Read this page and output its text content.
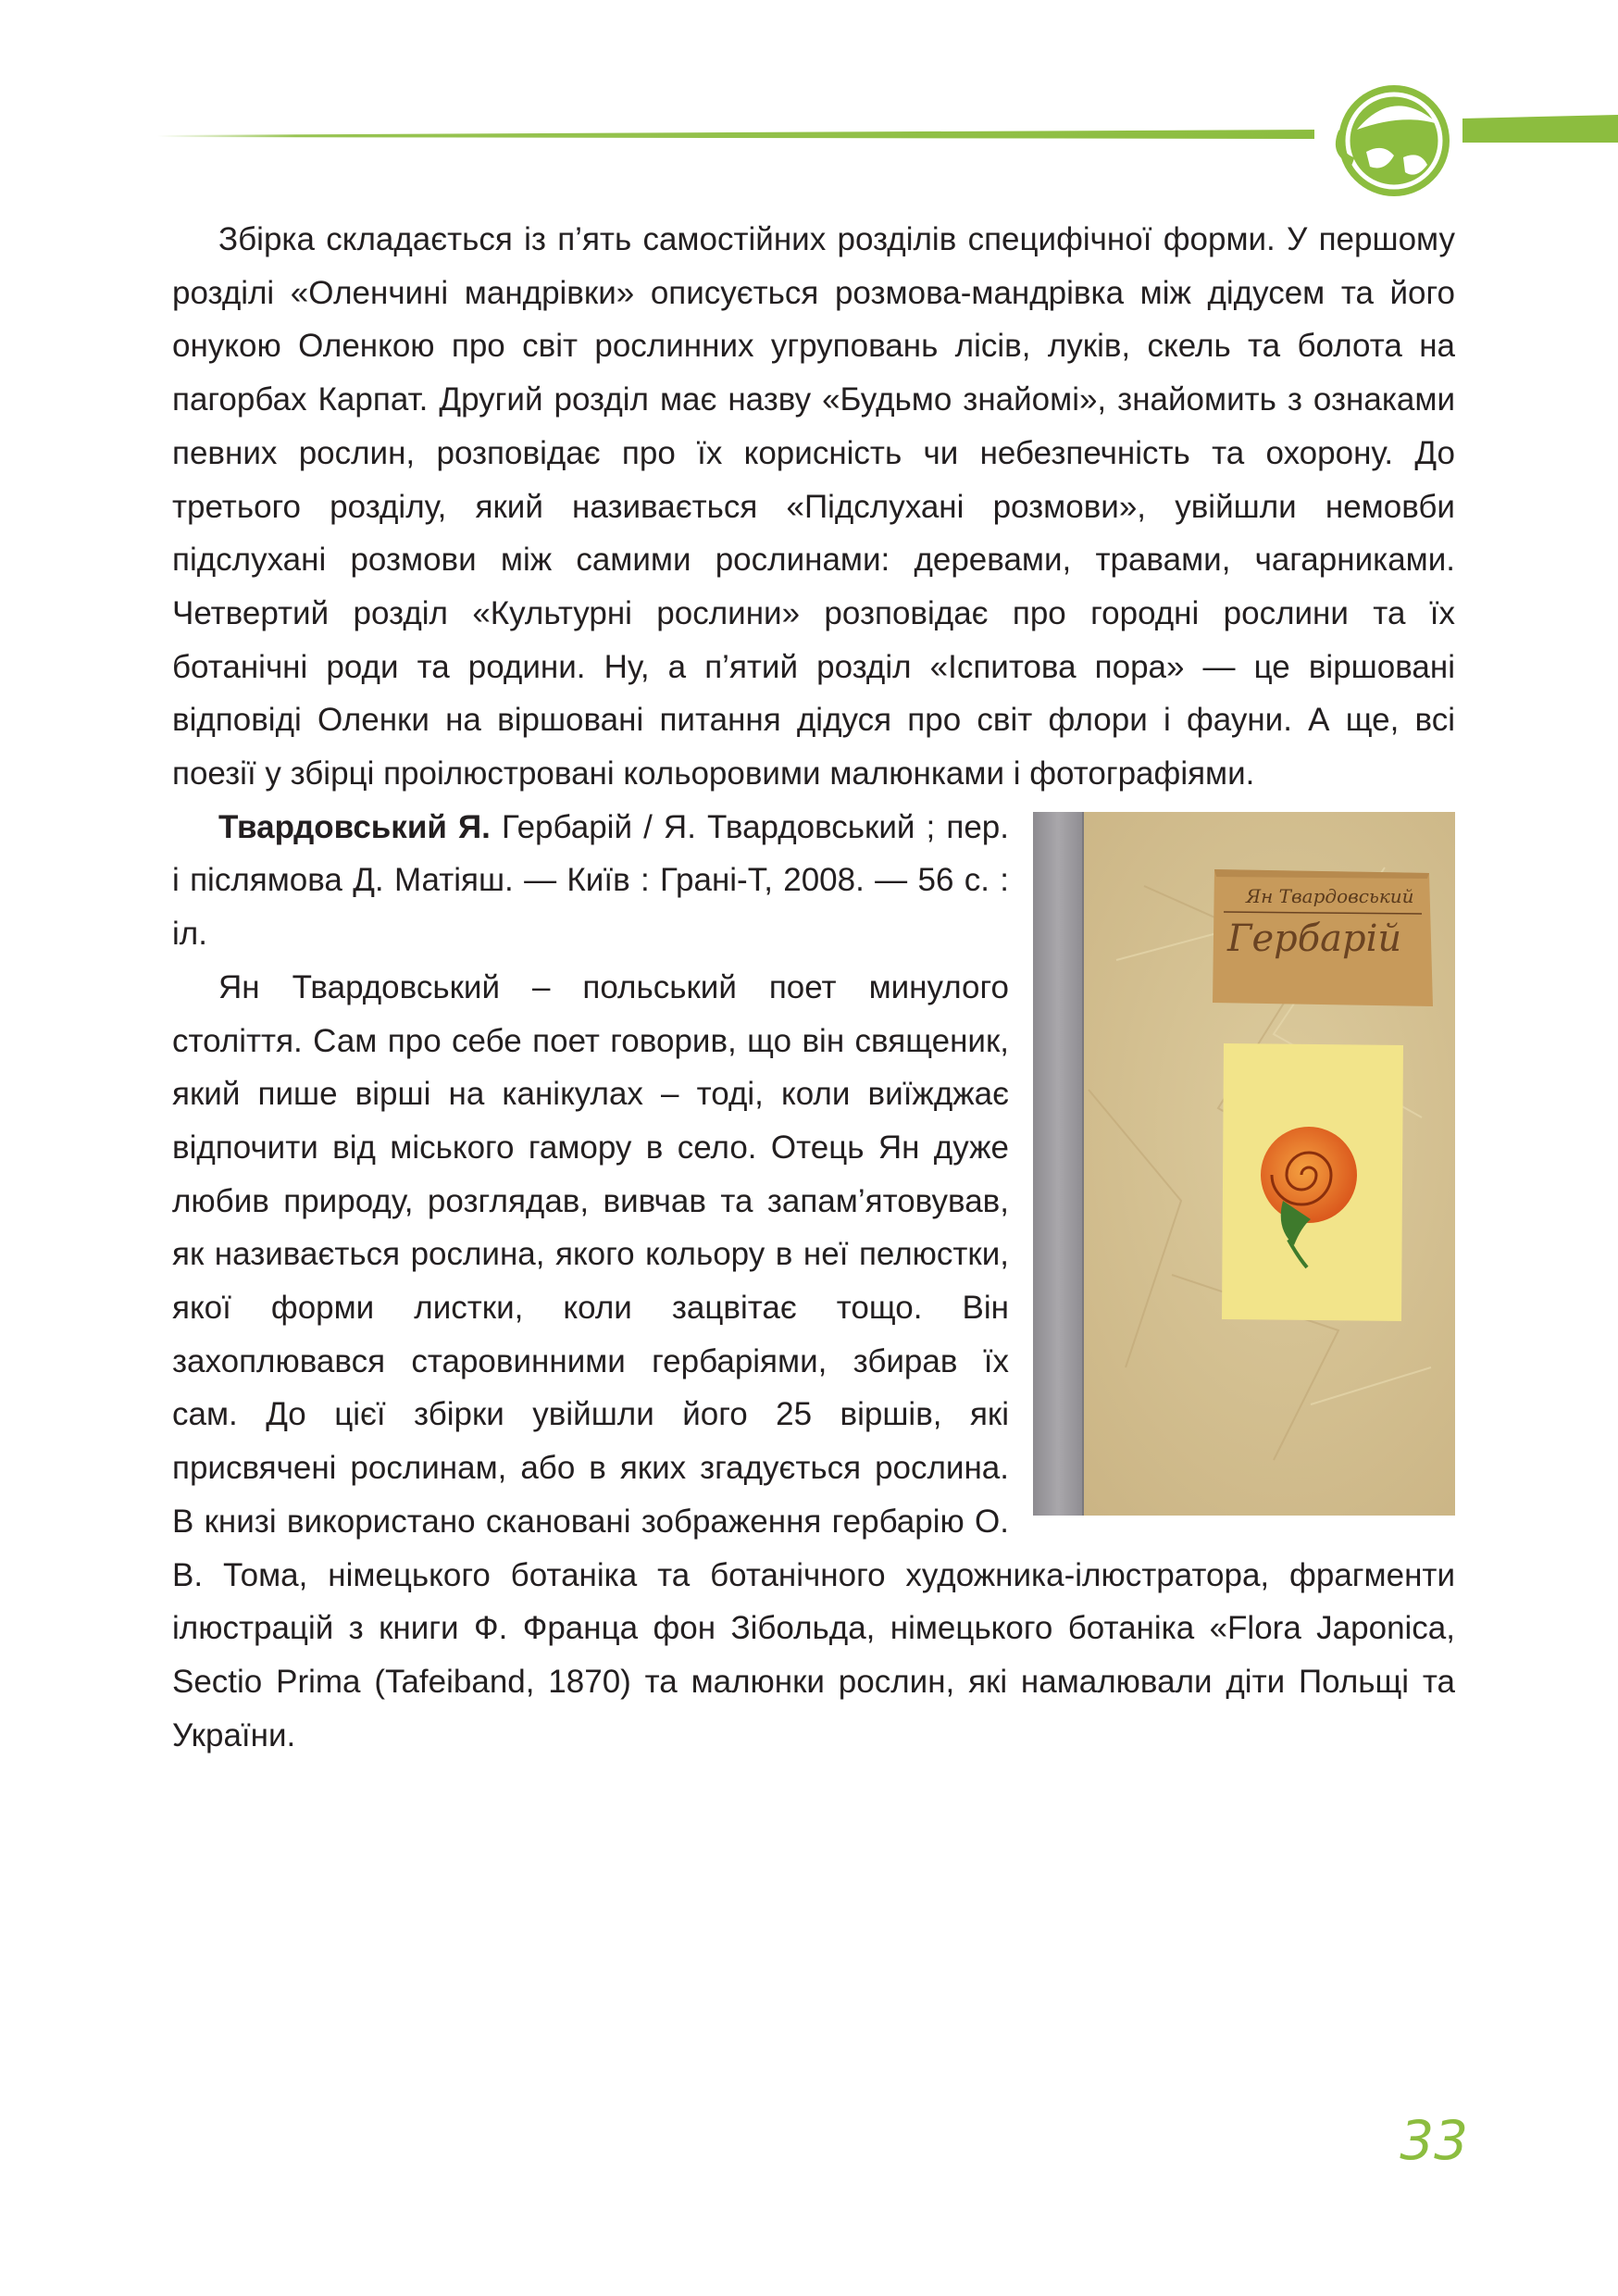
Збірка складається із п’ять самостійних розділів специфічної форми. У першому розділі «Оленчині мандрівки» описується розмова-мандрівка між дідусем та його онукою Оленкою про світ рослинних угруповань лісів, луків, скель та болота на пагорбах Карпат. Другий розділ має назву «Будьмо знайомі», знайомить з ознаками певних рослин, розповідає про їх корисність чи небезпечність та охорону. До третього розділу, який називається «Підслухані розмови», увійшли немовби підслухані розмови між самими рослинами: деревами, травами, чагарниками. Четвертий розділ «Культурні рослини» розповідає про городні рослини та їх ботанічні роди та родини. Ну, а п’ятий розділ «Іспитова пора» — це віршовані відповіді Оленки на віршовані питання дідуся про світ флори і фауни. А ще, всі поезії у збірці проілюстровані кольоровими малюнками і фотографіями.

Ян Твардовський
Гербарій

Твардовський Я. Гербарій / Я. Твардовський ; пер. і післямова Д. Матіяш. — Київ : Грані-Т, 2008. — 56 с. : іл.

Ян Твардовський – польський поет минулого століття. Сам про себе поет говорив, що він священик, який пише вірші на канікулах – тоді, коли виїжджає відпочити від міського гамору в село. Отець Ян дуже любив природу, розглядав, вивчав та запам’ятовував, як називається рослина, якого кольору в неї пелюстки, якої форми листки, коли зацвітає тощо. Він захоплювався старовинними гербаріями, збирав їх сам. До цієї збірки увійшли його 25 віршів, які присвячені рослинам, або в яких згадується рослина. В книзі використано скановані зображення гербарію О. В. Тома, німецького ботаніка та ботанічного художника-ілюстратора, фрагменти ілюстрацій з книги Ф. Франца фон Зібольда, німецького ботаніка «Flora Japonica, Sectio Prima (Tafeiband, 1870) та малюнки рослин, які намалювали діти Польщі та України.

33
